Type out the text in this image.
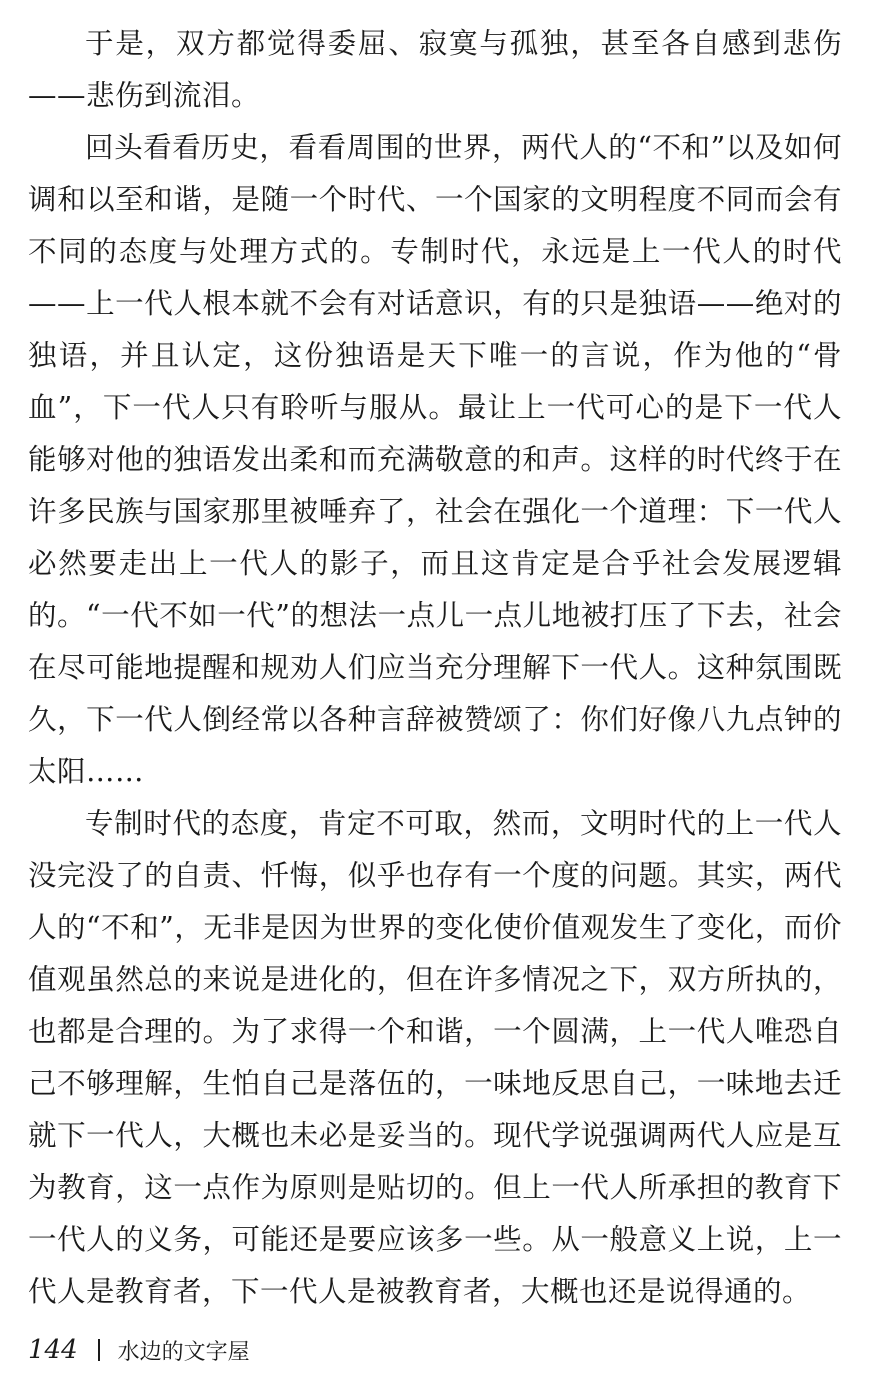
于是，双方都觉得委屈、寂寞与孤独，甚至各自感到悲伤——悲伤到流泪。

回头看看历史，看看周围的世界，两代人的“不和”以及如何调和以至和谐，是随一个时代、一个国家的文明程度不同而会有不同的态度与处理方式的。专制时代，永远是上一代人的时代——上一代人根本就不会有对话意识，有的只是独语——绝对的独语，并且认定，这份独语是天下唯一的言说，作为他的“骨血”，下一代人只有聆听与服从。最让上一代可心的是下一代人能够对他的独语发出柔和而充满敬意的和声。这样的时代终于在许多民族与国家那里被唾弃了，社会在强化一个道理：下一代人必然要走出上一代人的影子，而且这肯定是合乎社会发展逻辑的。“一代不如一代”的想法一点儿一点儿地被打压了下去，社会在尽可能地提醒和规劝人们应当充分理解下一代人。这种氛围既久，下一代人倒经常以各种言辞被赞颂了：你们好像八九点钟的太阳……

专制时代的态度，肯定不可取，然而，文明时代的上一代人没完没了的自责、忏悔，似乎也存有一个度的问题。其实，两代人的“不和”，无非是因为世界的变化使价值观发生了变化，而价值观虽然总的来说是进化的，但在许多情况之下，双方所执的，也都是合理的。为了求得一个和谐，一个圆满，上一代人唯恐自己不够理解，生怕自己是落伍的，一味地反思自己，一味地去迁就下一代人，大概也未必是妥当的。现代学说强调两代人应是互为教育，这一点作为原则是贴切的。但上一代人所承担的教育下一代人的义务，可能还是要应该多一些。从一般意义上说，上一代人是教育者，下一代人是被教育者，大概也还是说得通的。

144 水边的文字屋
